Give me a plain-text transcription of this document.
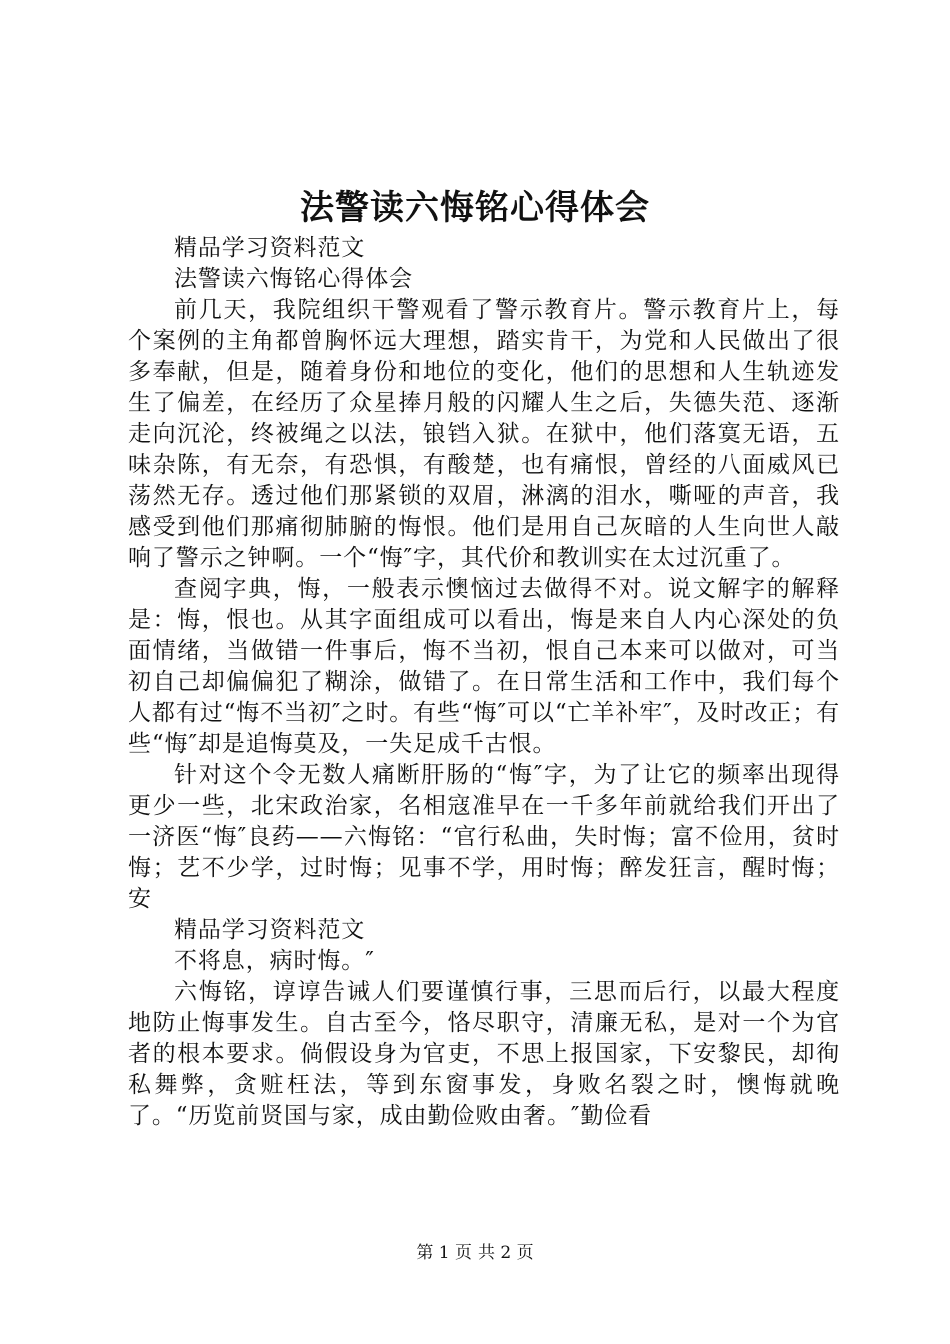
法警读六悔铭心得体会

精品学习资料范文

法警读六悔铭心得体会

前几天，我院组织干警观看了警示教育片。警示教育片上，每个案例的主角都曾胸怀远大理想，踏实肯干，为党和人民做出了很多奉献，但是，随着身份和地位的变化，他们的思想和人生轨迹发生了偏差，在经历了众星捧月般的闪耀人生之后，失德失范、逐渐走向沉沦，终被绳之以法，锒铛入狱。在狱中，他们落寞无语，五味杂陈，有无奈，有恐惧，有酸楚，也有痛恨，曾经的八面威风已荡然无存。透过他们那紧锁的双眉，淋漓的泪水，嘶哑的声音，我感受到他们那痛彻肺腑的悔恨。他们是用自己灰暗的人生向世人敲响了警示之钟啊。一个“悔″字，其代价和教训实在太过沉重了。

查阅字典，悔，一般表示懊恼过去做得不对。说文解字的解释是：悔，恨也。从其字面组成可以看出，悔是来自人内心深处的负面情绪，当做错一件事后，悔不当初，恨自己本来可以做对，可当初自己却偏偏犯了糊涂，做错了。在日常生活和工作中，我们每个人都有过“悔不当初″之时。有些“悔″可以“亡羊补牢″，及时改正；有些“悔″却是追悔莫及，一失足成千古恨。

针对这个令无数人痛断肝肠的“悔″字，为了让它的频率出现得更少一些，北宋政治家，名相寇准早在一千多年前就给我们开出了一济医“悔″良药——六悔铭：“官行私曲，失时悔；富不俭用，贫时悔；艺不少学，过时悔；见事不学，用时悔；醉发狂言，醒时悔；安

精品学习资料范文

不将息，病时悔。″

六悔铭，谆谆告诫人们要谨慎行事，三思而后行，以最大程度地防止悔事发生。自古至今，恪尽职守，清廉无私，是对一个为官者的根本要求。倘假设身为官吏，不思上报国家，下安黎民，却徇私舞弊，贪赃枉法，等到东窗事发，身败名裂之时，懊悔就晚了。“历览前贤国与家，成由勤俭败由奢。″勤俭看

第 1 页 共 2 页
